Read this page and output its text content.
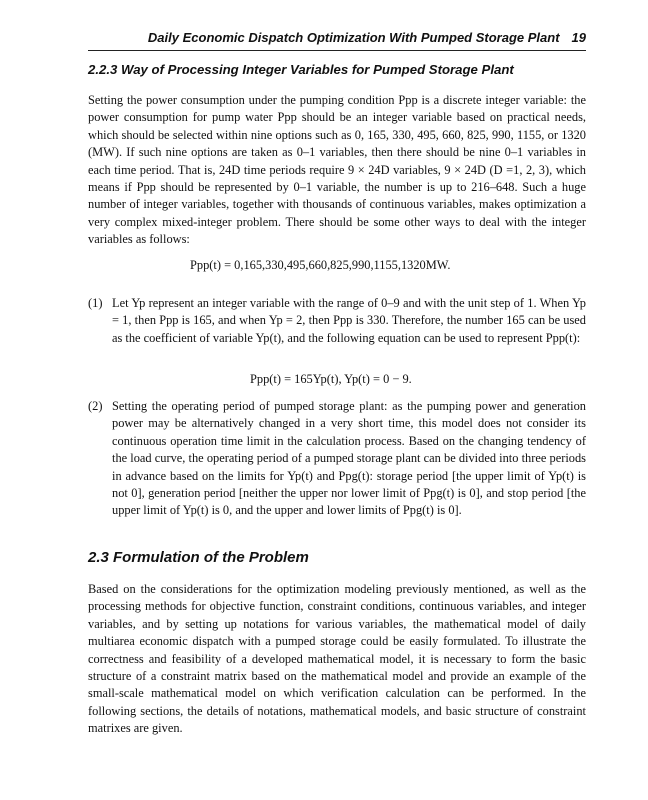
Daily Economic Dispatch Optimization With Pumped Storage Plant 19
2.2.3 Way of Processing Integer Variables for Pumped Storage Plant

Setting the power consumption under the pumping condition Ppp is a discrete integer variable: the power consumption for pump water Ppp should be an integer variable based on practical needs, which should be selected within nine options such as 0, 165, 330, 495, 660, 825, 990, 1155, or 1320 (MW). If such nine options are taken as 0–1 variables, then there should be nine 0–1 variables in each time period. That is, 24D time periods require 9 × 24D variables, 9 × 24D (D =1, 2, 3), which means if Ppp should be represented by 0–1 variable, the number is up to 216–648. Such a huge number of integer variables, together with thousands of continuous variables, makes optimization a very complex mixed-integer problem. There should be some other ways to deal with the integer variables as follows:

Ppp(t) = 0,165,330,495,660,825,990,1155,1320MW.
(1) Let Yp represent an integer variable with the range of 0–9 and with the unit step of 1. When Yp = 1, then Ppp is 165, and when Yp = 2, then Ppp is 330. Therefore, the number 165 can be used as the coefficient of variable Yp(t), and the following equation can be used to represent Ppp(t):
Ppp(t) = 165Yp(t), Yp(t) = 0 − 9.
(2) Setting the operating period of pumped storage plant: as the pumping power and generation power may be alternatively changed in a very short time, this model does not consider its continuous operation time limit in the calculation process. Based on the changing tendency of the load curve, the operating period of a pumped storage plant can be divided into three periods in advance based on the limits for Yp(t) and Ppg(t): storage period [the upper limit of Yp(t) is not 0], generation period [neither the upper nor lower limit of Ppg(t) is 0], and stop period [the upper limit of Yp(t) is 0, and the upper and lower limits of Ppg(t) is 0].
2.3 Formulation of the Problem

Based on the considerations for the optimization modeling previously mentioned, as well as the processing methods for objective function, constraint conditions, continuous variables, and integer variables, and by setting up notations for various variables, the mathematical model of daily multiarea economic dispatch with a pumped storage could be easily formulated. To illustrate the correctness and feasibility of a developed mathematical model, it is necessary to form the basic structure of a constraint matrix based on the mathematical model and provide an example of the small-scale mathematical model on which verification calculation can be performed. In the following sections, the details of notations, mathematical models, and basic structure of constraint matrixes are given.
